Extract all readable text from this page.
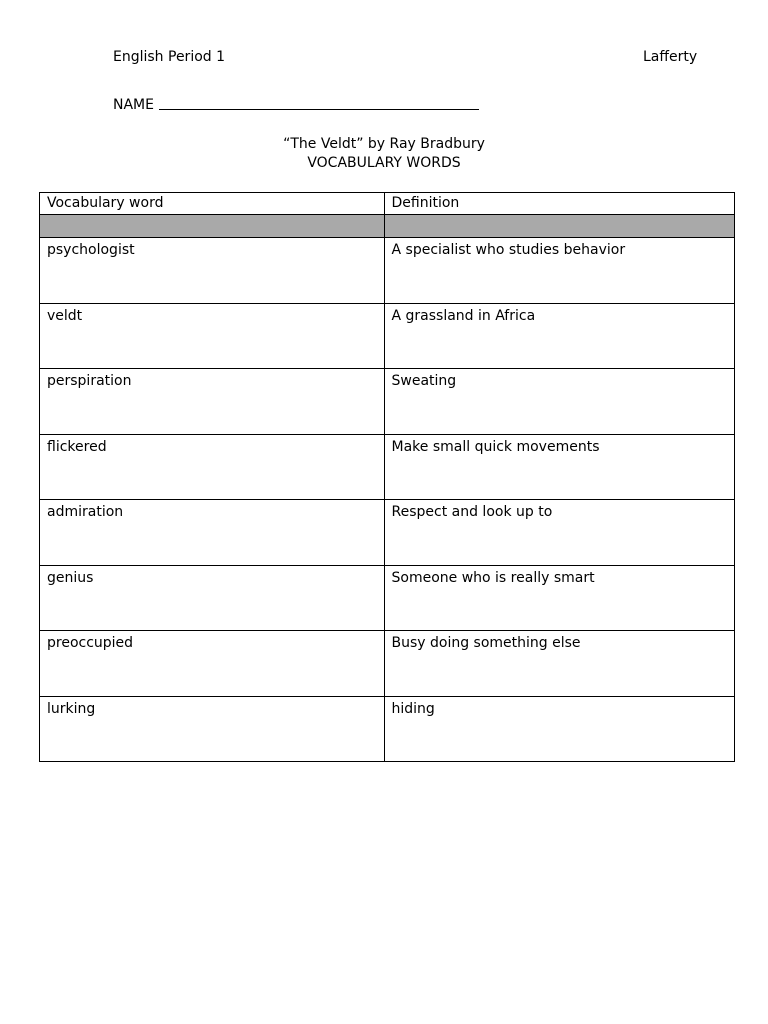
English Period 1	Lafferty
NAME
“The Veldt” by Ray Bradbury
VOCABULARY WORDS
Vocabulary word	Definition

psychologist	A specialist who studies behavior
veldt	A grassland in Africa
perspiration	Sweating
flickered	Make small quick movements
admiration	Respect and look up to
genius	Someone who is really smart
preoccupied	Busy doing something else
lurking	hiding
